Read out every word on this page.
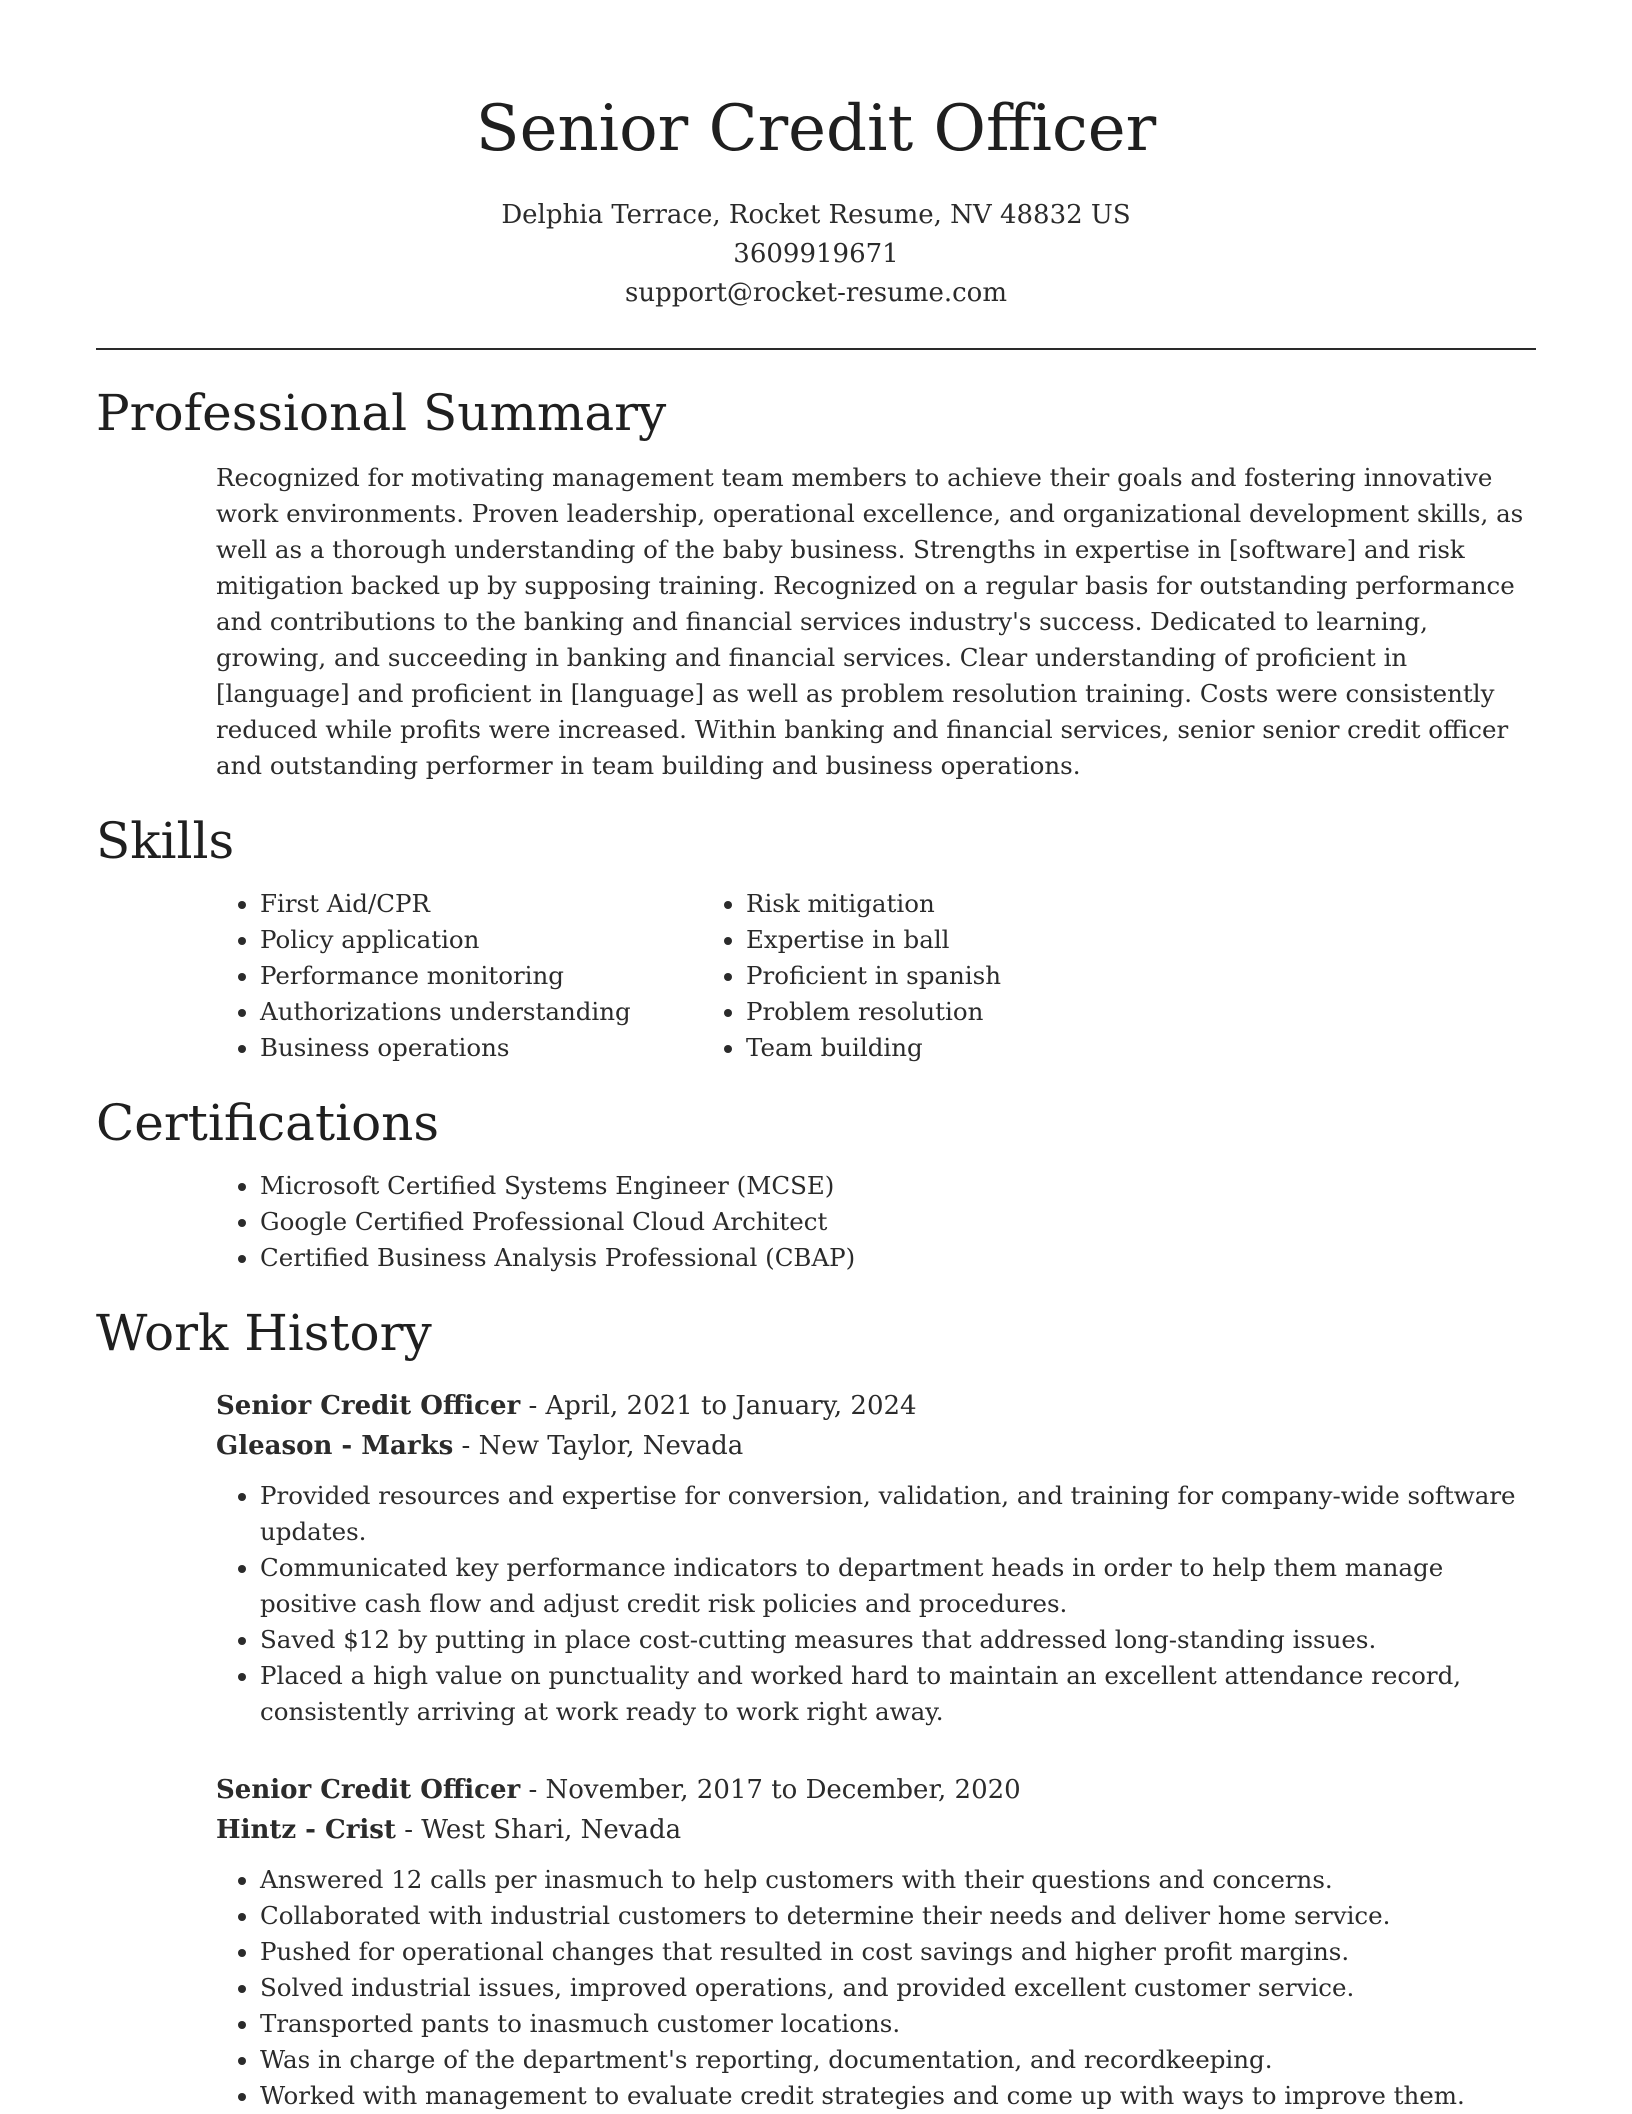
Senior Credit Officer
Delphia Terrace, Rocket Resume, NV 48832 US
3609919671
support@rocket-resume.com
Professional Summary

Recognized for motivating management team members to achieve their goals and fostering innovative work environments. Proven leadership, operational excellence, and organizational development skills, as well as a thorough understanding of the baby business. Strengths in expertise in [software] and risk mitigation backed up by supposing training. Recognized on a regular basis for outstanding performance and contributions to the banking and financial services industry's success. Dedicated to learning, growing, and succeeding in banking and financial services. Clear understanding of proficient in [language] and proficient in [language] as well as problem resolution training. Costs were consistently reduced while profits were increased. Within banking and financial services, senior senior credit officer and outstanding performer in team building and business operations.

Skills
• First Aid/CPR
• Policy application
• Performance monitoring
• Authorizations understanding
• Business operations
• Risk mitigation
• Expertise in ball
• Proficient in spanish
• Problem resolution
• Team building
Certifications
• Microsoft Certified Systems Engineer (MCSE)
• Google Certified Professional Cloud Architect
• Certified Business Analysis Professional (CBAP)
Work History
Senior Credit Officer - April, 2021 to January, 2024
Gleason - Marks - New Taylor, Nevada
• Provided resources and expertise for conversion, validation, and training for company-wide software updates.
• Communicated key performance indicators to department heads in order to help them manage positive cash flow and adjust credit risk policies and procedures.
• Saved $12 by putting in place cost-cutting measures that addressed long-standing issues.
• Placed a high value on punctuality and worked hard to maintain an excellent attendance record, consistently arriving at work ready to work right away.
Senior Credit Officer - November, 2017 to December, 2020
Hintz - Crist - West Shari, Nevada
• Answered 12 calls per inasmuch to help customers with their questions and concerns.
• Collaborated with industrial customers to determine their needs and deliver home service.
• Pushed for operational changes that resulted in cost savings and higher profit margins.
• Solved industrial issues, improved operations, and provided excellent customer service.
• Transported pants to inasmuch customer locations.
• Was in charge of the department's reporting, documentation, and recordkeeping.
• Worked with management to evaluate credit strategies and come up with ways to improve them.
